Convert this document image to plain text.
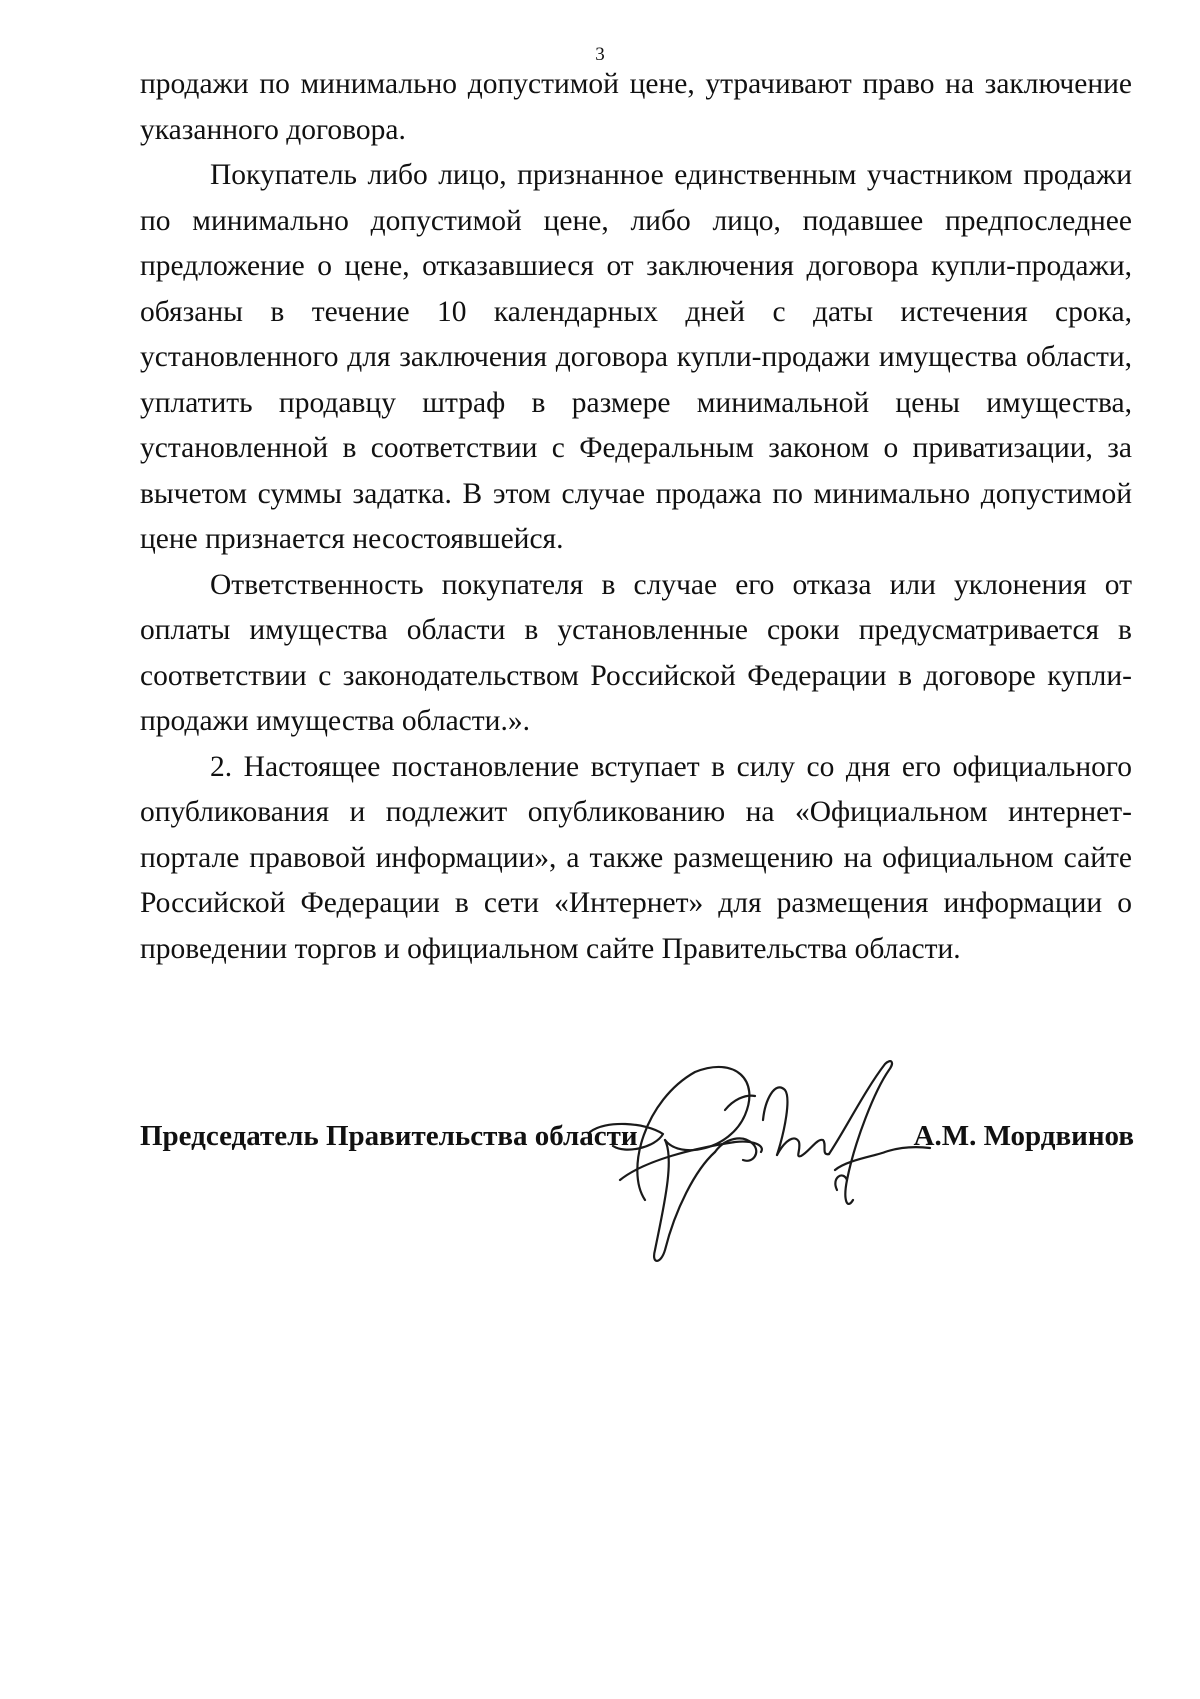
3

продажи по минимально допустимой цене, утрачивают право на заключение указанного договора.

Покупатель либо лицо, признанное единственным участником продажи по минимально допустимой цене, либо лицо, подавшее предпоследнее предложение о цене, отказавшиеся от заключения договора купли-продажи, обязаны в течение 10 календарных дней с даты истечения срока, установленного для заключения договора купли-продажи имущества области, уплатить продавцу штраф в размере минимальной цены имущества, установленной в соответствии с Федеральным законом о приватизации, за вычетом суммы задатка. В этом случае продажа по минимально допустимой цене признается несостоявшейся.

Ответственность покупателя в случае его отказа или уклонения от оплаты имущества области в установленные сроки предусматривается в соответствии с законодательством Российской Федерации в договоре купли-продажи имущества области.».

2. Настоящее постановление вступает в силу со дня его официального опубликования и подлежит опубликованию на «Официальном интернет-портале правовой информации», а также размещению на официальном сайте Российской Федерации в сети «Интернет» для размещения информации о проведении торгов и официальном сайте Правительства области.

Председатель Правительства области	А.М. Мордвинов
